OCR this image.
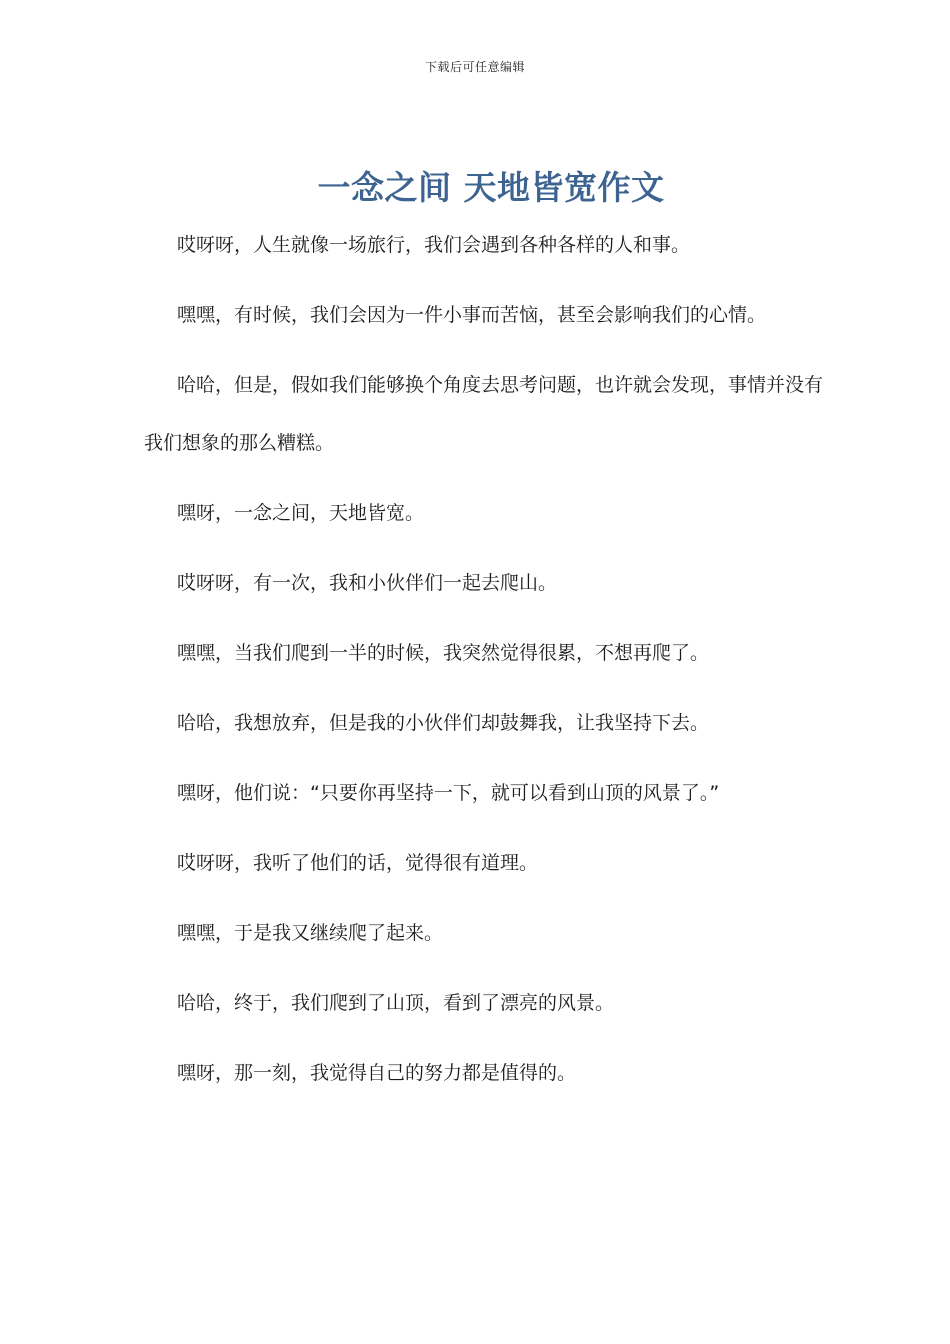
下载后可任意编辑
一念之间 天地皆宽作文

哎呀呀，人生就像一场旅行，我们会遇到各种各样的人和事。

嘿嘿，有时候，我们会因为一件小事而苦恼，甚至会影响我们的心情。

哈哈，但是，假如我们能够换个角度去思考问题，也许就会发现，事情并没有我们想象的那么糟糕。

嘿呀，一念之间，天地皆宽。

哎呀呀，有一次，我和小伙伴们一起去爬山。

嘿嘿，当我们爬到一半的时候，我突然觉得很累，不想再爬了。

哈哈，我想放弃，但是我的小伙伴们却鼓舞我，让我坚持下去。

嘿呀，他们说：“只要你再坚持一下，就可以看到山顶的风景了。”

哎呀呀，我听了他们的话，觉得很有道理。

嘿嘿，于是我又继续爬了起来。

哈哈，终于，我们爬到了山顶，看到了漂亮的风景。

嘿呀，那一刻，我觉得自己的努力都是值得的。
